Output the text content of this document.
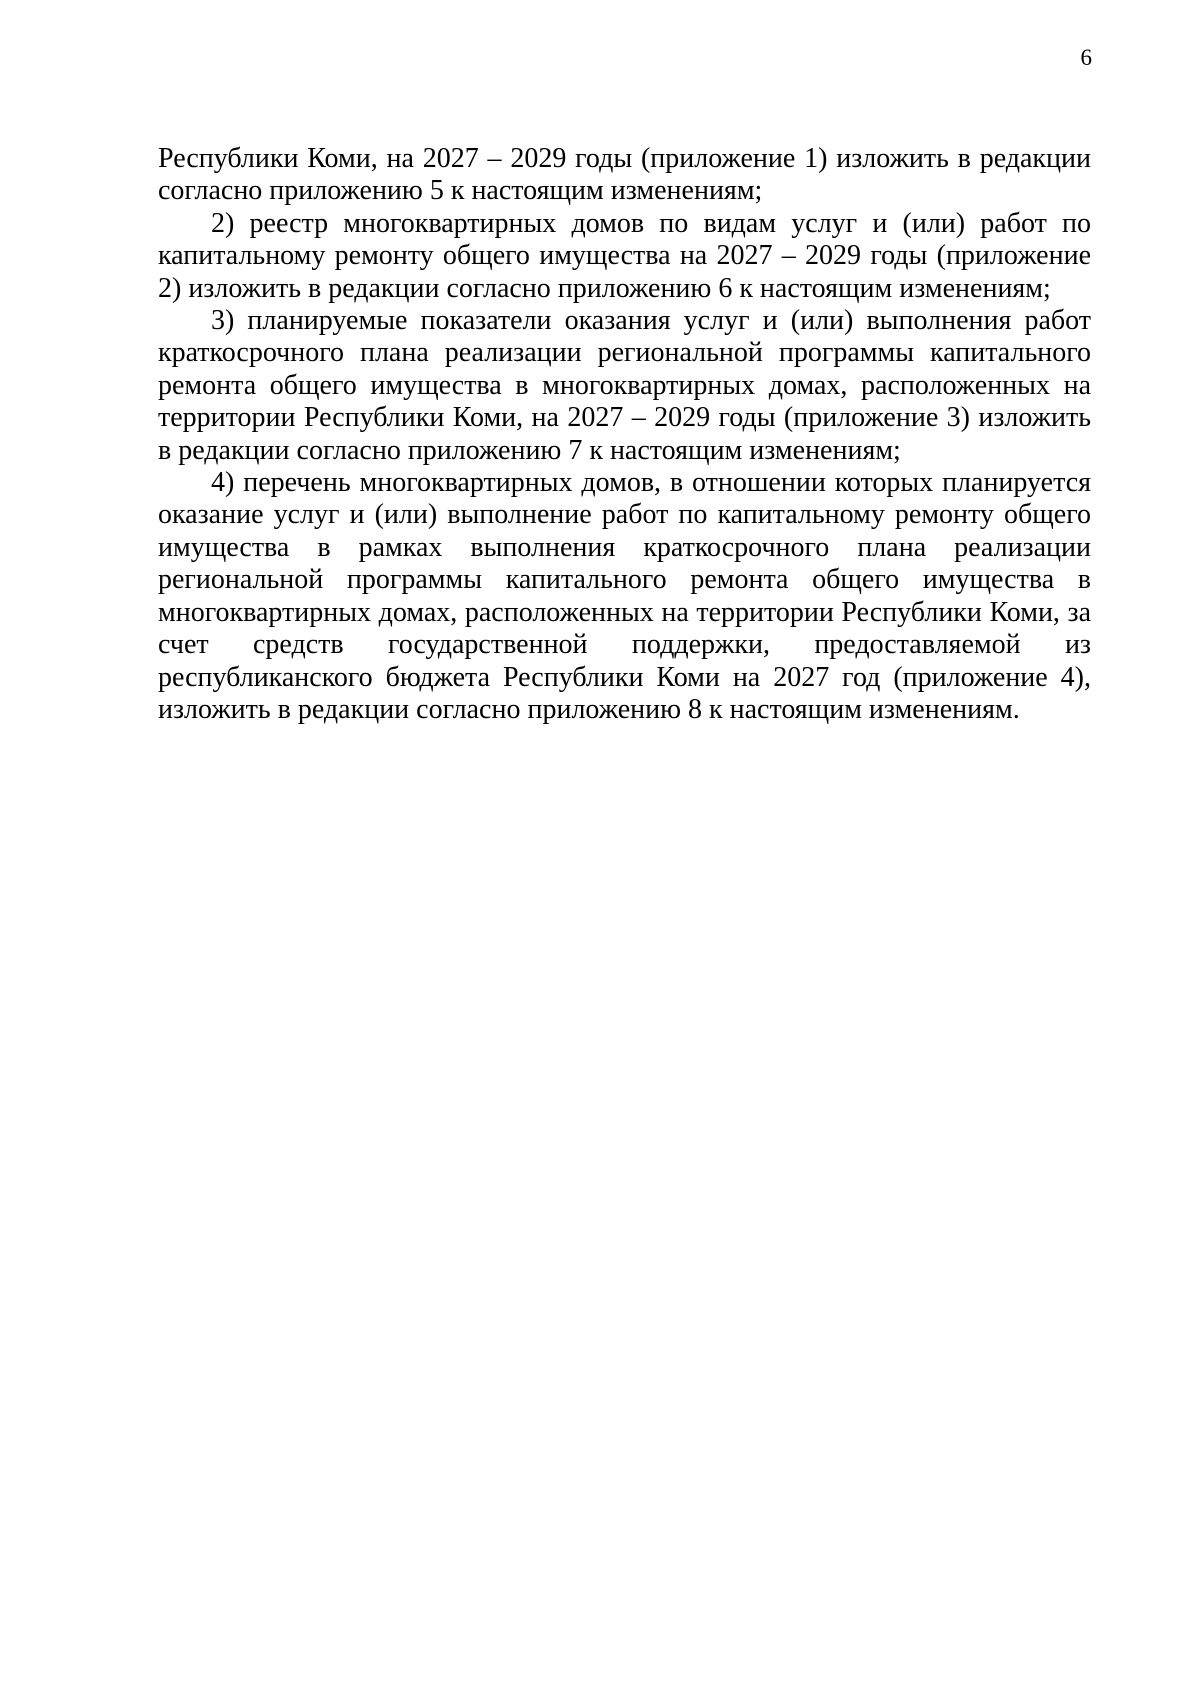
6

Республики Коми, на 2027 – 2029 годы (приложение 1) изложить в редакции согласно приложению 5 к настоящим изменениям;

2) реестр многоквартирных домов по видам услуг и (или) работ по капитальному ремонту общего имущества на 2027 – 2029 годы (приложение 2) изложить в редакции согласно приложению 6 к настоящим изменениям;

3) планируемые показатели оказания услуг и (или) выполнения работ краткосрочного плана реализации региональной программы капитального ремонта общего имущества в многоквартирных домах, расположенных на территории Республики Коми, на 2027 – 2029 годы (приложение 3) изложить в редакции согласно приложению 7 к настоящим изменениям;

4) перечень многоквартирных домов, в отношении которых планируется оказание услуг и (или) выполнение работ по капитальному ремонту общего имущества в рамках выполнения краткосрочного плана реализации региональной программы капитального ремонта общего имущества в многоквартирных домах, расположенных на территории Республики Коми, за счет средств государственной поддержки, предоставляемой из республиканского бюджета Республики Коми на 2027 год (приложение 4), изложить в редакции согласно приложению 8 к настоящим изменениям.
